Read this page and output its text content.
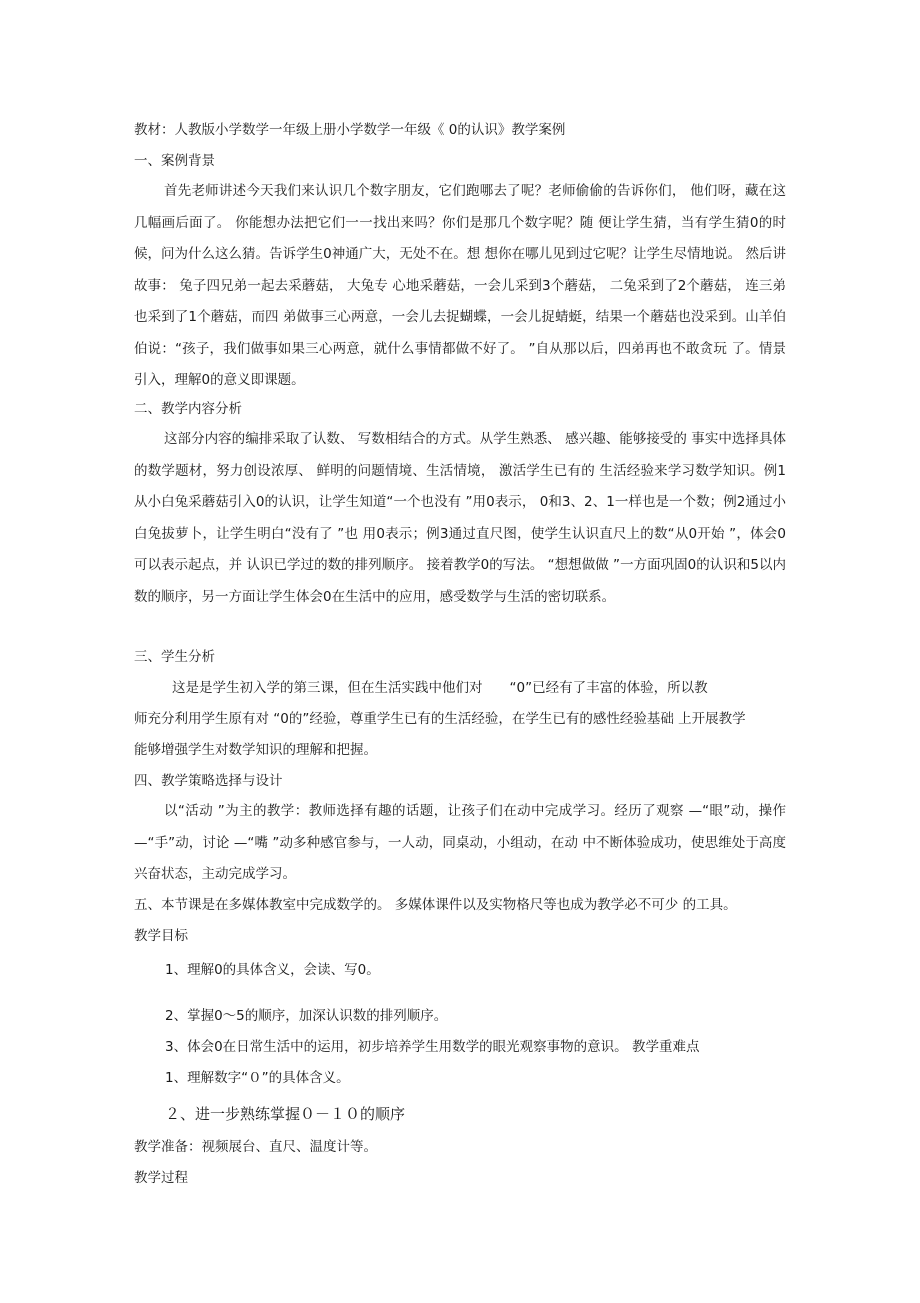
教材：人教版小学数学一年级上册小学数学一年级《 0的认识》教学案例
一、案例背景
首先老师讲述今天我们来认识几个数字朋友，它们跑哪去了呢？老师偷偷的告诉你们， 他们呀，藏在这几幅画后面了。 你能想办法把它们一一找出来吗？你们是那几个数字呢？随 便让学生猜，当有学生猜0的时候，问为什么这么猜。告诉学生0神通广大，无处不在。想 想你在哪儿见到过它呢？让学生尽情地说。 然后讲故事： 兔子四兄弟一起去采蘑菇， 大兔专 心地采蘑菇，一会儿采到3个蘑菇， 二兔采到了2个蘑菇， 连三弟也采到了1个蘑菇，而四 弟做事三心两意，一会儿去捉蝴蝶，一会儿捉蜻蜓，结果一个蘑菇也没采到。山羊伯伯说：“孩子，我们做事如果三心两意，就什么事情都做不好了。 ”自从那以后，四弟再也不敢贪玩 了。情景引入，理解0的意义即课题。
二、教学内容分析
这部分内容的编排采取了认数、 写数相结合的方式。从学生熟悉、 感兴趣、能够接受的 事实中选择具体的数学题材，努力创设浓厚、 鲜明的问题情境、生活情境， 激活学生已有的 生活经验来学习数学知识。例1从小白兔采蘑菇引入0的认识，让学生知道“一个也没有 ”用0表示， 0和3、2、1一样也是一个数；例2通过小白兔拔萝卜，让学生明白“没有了 ”也 用0表示；例3通过直尺图，使学生认识直尺上的数“从0开始 ”，体会0可以表示起点，并 认识已学过的数的排列顺序。 接着教学0的写法。 “想想做做 ”一方面巩固0的认识和5以内 数的顺序，另一方面让学生体会0在生活中的应用，感受数学与生活的密切联系。
三、学生分析
这是是学生初入学的第三课，但在生活实践中他们对　　“0”已经有了丰富的体验，所以教
师充分利用学生原有对 “0的”经验，尊重学生已有的生活经验，在学生已有的感性经验基础 上开展教学
能够增强学生对数学知识的理解和把握。
四、教学策略选择与设计
以“活动 ”为主的教学：教师选择有趣的话题，让孩子们在动中完成学习。经历了观察 —“眼”动，操作 —“手”动，讨论 —“嘴 ”动多种感官参与，一人动，同桌动，小组动，在动 中不断体验成功，使思维处于高度兴奋状态，主动完成学习。
五、本节课是在多媒体教室中完成数学的。 多媒体课件以及实物格尺等也成为教学必不可少 的工具。
教学目标
1、理解0的具体含义，会读、写0。
2、掌握0～5的顺序，加深认识数的排列顺序。
3、体会0在日常生活中的运用，初步培养学生用数学的眼光观察事物的意识。 教学重难点
1、理解数字“０”的具体含义。
２、进一步熟练掌握０－１０的顺序
教学准备：视频展台、直尺、温度计等。
教学过程
